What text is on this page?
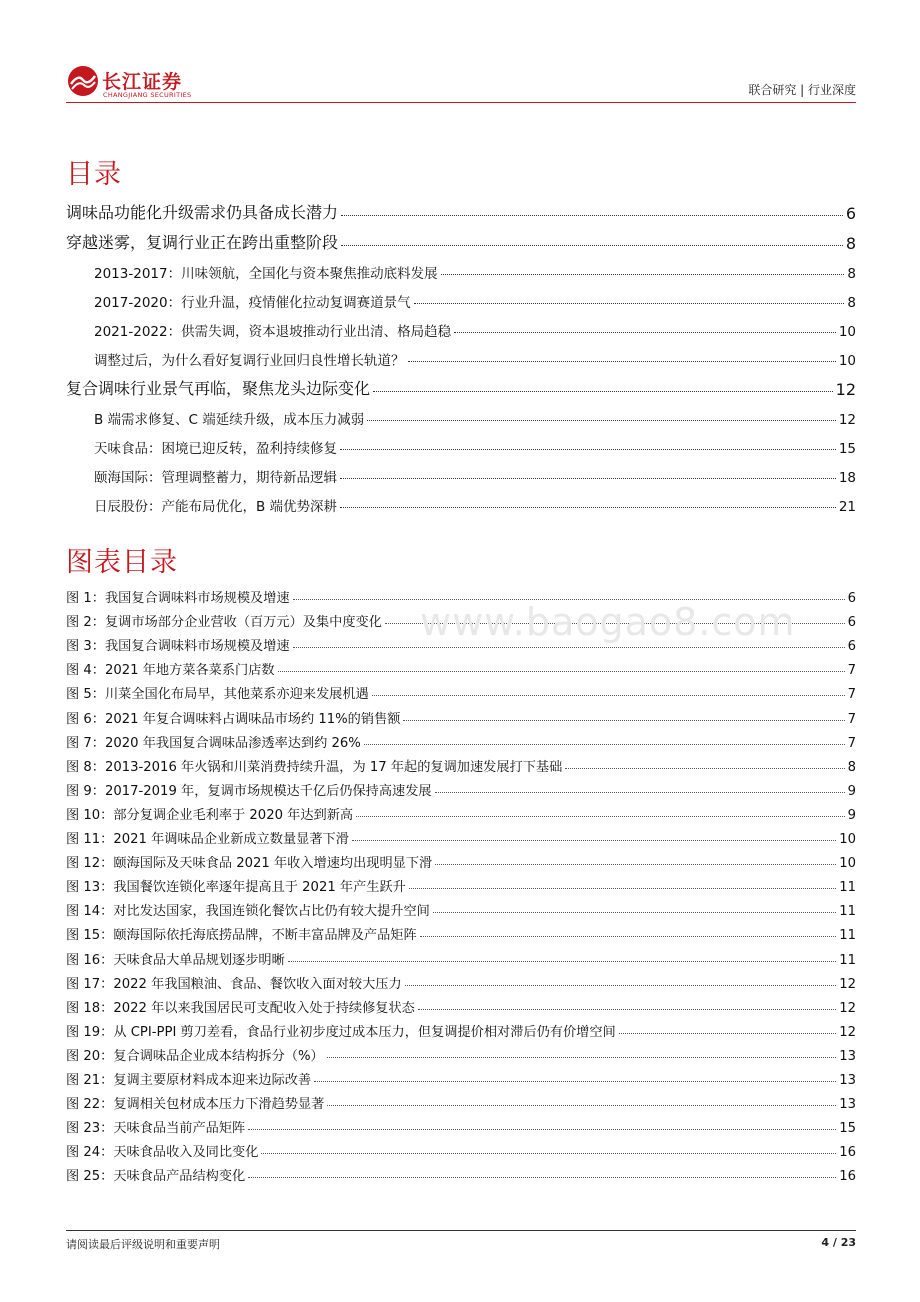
长江证券
CHANGJIANG SECURITIES	联合研究 | 行业深度
目录
调味品功能化升级需求仍具备成长潜力	6
穿越迷雾，复调行业正在跨出重整阶段	8
2013-2017：川味领航，全国化与资本聚焦推动底料发展	8
2017-2020：行业升温，疫情催化拉动复调赛道景气	8
2021-2022：供需失调，资本退坡推动行业出清、格局趋稳	10
调整过后，为什么看好复调行业回归良性增长轨道？	10
复合调味行业景气再临，聚焦龙头边际变化	12
B 端需求修复、C 端延续升级，成本压力减弱	12
天味食品：困境已迎反转，盈利持续修复	15
颐海国际：管理调整蓄力，期待新品逻辑	18
日辰股份：产能布局优化，B 端优势深耕	21
图表目录
图 1：我国复合调味料市场规模及增速	6
图 2：复调市场部分企业营收（百万元）及集中度变化	6
图 3：我国复合调味料市场规模及增速	6
图 4：2021 年地方菜各菜系门店数	7
图 5：川菜全国化布局早，其他菜系亦迎来发展机遇	7
图 6：2021 年复合调味料占调味品市场约 11%的销售额	7
图 7：2020 年我国复合调味品渗透率达到约 26%	7
图 8：2013-2016 年火锅和川菜消费持续升温，为 17 年起的复调加速发展打下基础	8
图 9：2017-2019 年，复调市场规模达千亿后仍保持高速发展	9
图 10：部分复调企业毛利率于 2020 年达到新高	9
图 11：2021 年调味品企业新成立数量显著下滑	10
图 12：颐海国际及天味食品 2021 年收入增速均出现明显下滑	10
图 13：我国餐饮连锁化率逐年提高且于 2021 年产生跃升	11
图 14：对比发达国家，我国连锁化餐饮占比仍有较大提升空间	11
图 15：颐海国际依托海底捞品牌，不断丰富品牌及产品矩阵	11
图 16：天味食品大单品规划逐步明晰	11
图 17：2022 年我国粮油、食品、餐饮收入面对较大压力	12
图 18：2022 年以来我国居民可支配收入处于持续修复状态	12
图 19：从 CPI-PPI 剪刀差看，食品行业初步度过成本压力，但复调提价相对滞后仍有价增空间	12
图 20：复合调味品企业成本结构拆分（%）	13
图 21：复调主要原材料成本迎来边际改善	13
图 22：复调相关包材成本压力下滑趋势显著	13
图 23：天味食品当前产品矩阵	15
图 24：天味食品收入及同比变化	16
图 25：天味食品产品结构变化	16
www.baogao8.com
请阅读最后评级说明和重要声明	4 / 23
